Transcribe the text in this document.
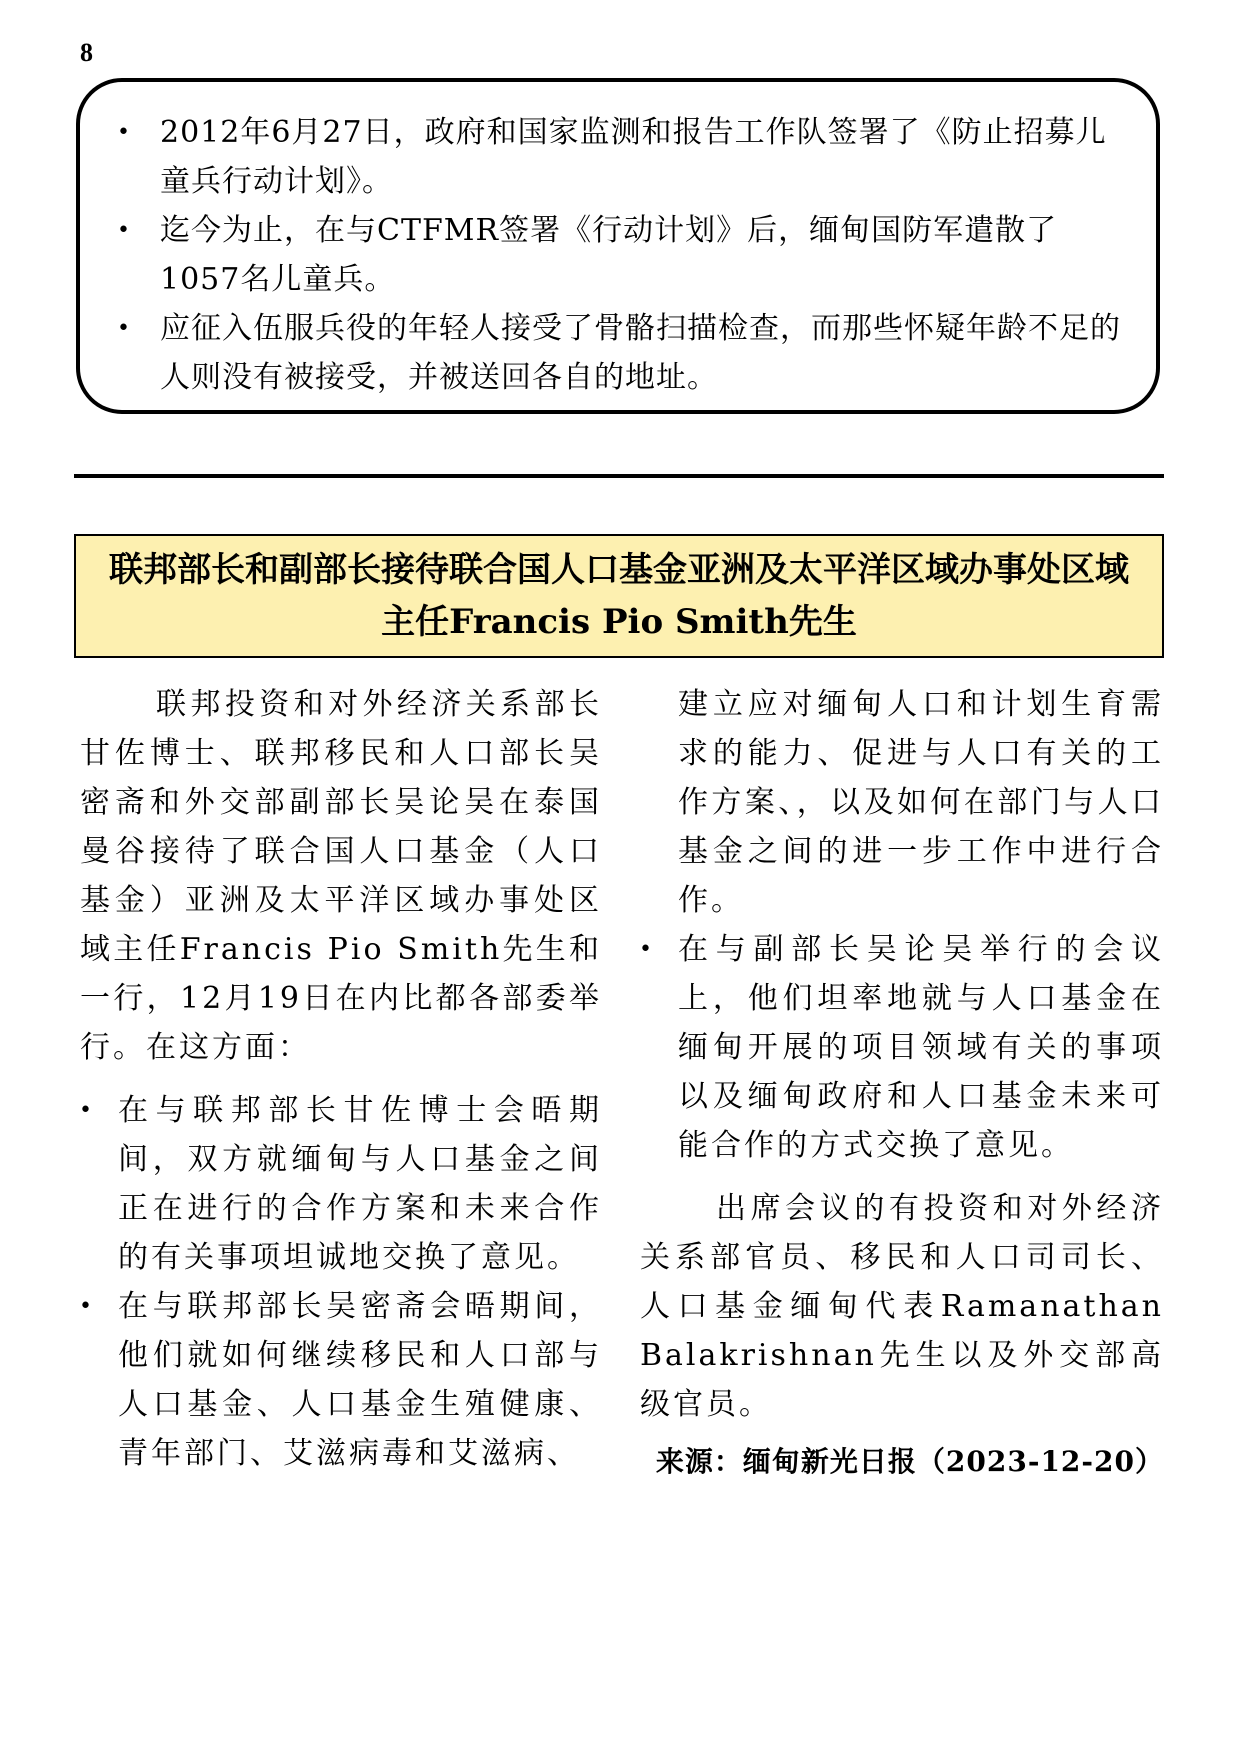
8
• 2012年6月27日，政府和国家监测和报告工作队签署了《防止招募儿童兵行动计划》。
• 迄今为止，在与CTFMR签署《行动计划》后，缅甸国防军遣散了1057名儿童兵。
• 应征入伍服兵役的年轻人接受了骨骼扫描检查，而那些怀疑年龄不足的人则没有被接受，并被送回各自的地址。
联邦部长和副部长接待联合国人口基金亚洲及太平洋区域办事处区域主任Francis Pio Smith先生

联邦投资和对外经济关系部长甘佐博士、联邦移民和人口部长吴密斋和外交部副部长吴论吴在泰国曼谷接待了联合国人口基金（人口基金）亚洲及太平洋区域办事处区域主任Francis Pio Smith先生和一行，12月19日在内比都各部委举行。在这方面：

• 在与联邦部长甘佐博士会晤期间，双方就缅甸与人口基金之间正在进行的合作方案和未来合作的有关事项坦诚地交换了意见。
• 在与联邦部长吴密斋会晤期间，他们就如何继续移民和人口部与人口基金、人口基金生殖健康、青年部门、艾滋病毒和艾滋病、

建立应对缅甸人口和计划生育需求的能力、促进与人口有关的工作方案、，以及如何在部门与人口基金之间的进一步工作中进行合作。

• 在与副部长吴论吴举行的会议上，他们坦率地就与人口基金在缅甸开展的项目领域有关的事项以及缅甸政府和人口基金未来可能合作的方式交换了意见。

出席会议的有投资和对外经济关系部官员、移民和人口司司长、人口基金缅甸代表Ramanathan Balakrishnan先生以及外交部高级官员。

来源：缅甸新光日报（2023-12-20）
